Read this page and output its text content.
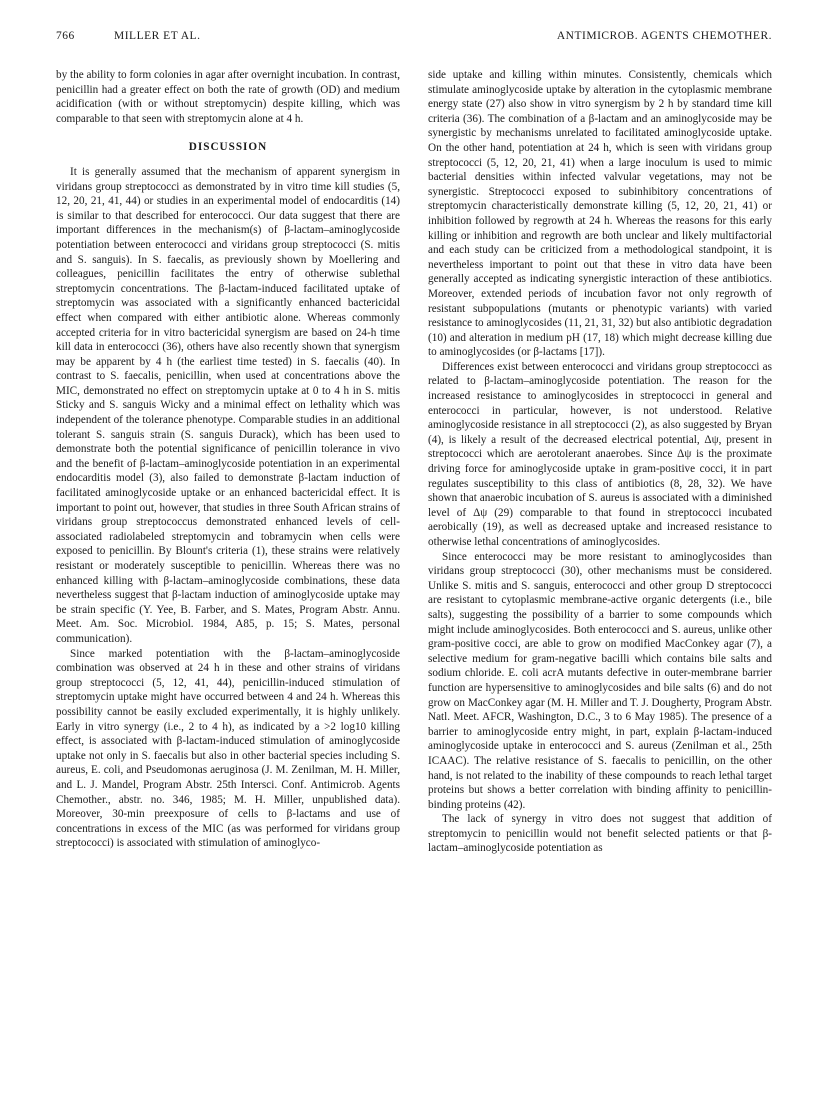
766	MILLER ET AL.	ANTIMICROB. AGENTS CHEMOTHER.

by the ability to form colonies in agar after overnight incubation. In contrast, penicillin had a greater effect on both the rate of growth (OD) and medium acidification (with or without streptomycin) despite killing, which was comparable to that seen with streptomycin alone at 4 h.

DISCUSSION

It is generally assumed that the mechanism of apparent synergism in viridans group streptococci as demonstrated by in vitro time kill studies (5, 12, 20, 21, 41, 44) or studies in an experimental model of endocarditis (14) is similar to that described for enterococci. Our data suggest that there are important differences in the mechanism(s) of β-lactam–aminoglycoside potentiation between enterococci and viridans group streptococci (S. mitis and S. sanguis). In S. faecalis, as previously shown by Moellering and colleagues, penicillin facilitates the entry of otherwise sublethal streptomycin concentrations. The β-lactam-induced facilitated uptake of streptomycin was associated with a significantly enhanced bactericidal effect when compared with either antibiotic alone. Whereas commonly accepted criteria for in vitro bactericidal synergism are based on 24-h time kill data in enterococci (36), others have also recently shown that synergism may be apparent by 4 h (the earliest time tested) in S. faecalis (40). In contrast to S. faecalis, penicillin, when used at concentrations above the MIC, demonstrated no effect on streptomycin uptake at 0 to 4 h in S. mitis Sticky and S. sanguis Wicky and a minimal effect on lethality which was independent of the tolerance phenotype. Comparable studies in an additional tolerant S. sanguis strain (S. sanguis Durack), which has been used to demonstrate both the potential significance of penicillin tolerance in vivo and the benefit of β-lactam–aminoglycoside potentiation in an experimental endocarditis model (3), also failed to demonstrate β-lactam induction of facilitated aminoglycoside uptake or an enhanced bactericidal effect. It is important to point out, however, that studies in three South African strains of viridans group streptococcus demonstrated enhanced levels of cell-associated radiolabeled streptomycin and tobramycin when cells were exposed to penicillin. By Blount's criteria (1), these strains were relatively resistant or moderately susceptible to penicillin. Whereas there was no enhanced killing with β-lactam–aminoglycoside combinations, these data nevertheless suggest that β-lactam induction of aminoglycoside uptake may be strain specific (Y. Yee, B. Farber, and S. Mates, Program Abstr. Annu. Meet. Am. Soc. Microbiol. 1984, A85, p. 15; S. Mates, personal communication).

Since marked potentiation with the β-lactam–aminoglycoside combination was observed at 24 h in these and other strains of viridans group streptococci (5, 12, 41, 44), penicillin-induced stimulation of streptomycin uptake might have occurred between 4 and 24 h. Whereas this possibility cannot be easily excluded experimentally, it is highly unlikely. Early in vitro synergy (i.e., 2 to 4 h), as indicated by a >2 log10 killing effect, is associated with β-lactam-induced stimulation of aminoglycoside uptake not only in S. faecalis but also in other bacterial species including S. aureus, E. coli, and Pseudomonas aeruginosa (J. M. Zenilman, M. H. Miller, and L. J. Mandel, Program Abstr. 25th Intersci. Conf. Antimicrob. Agents Chemother., abstr. no. 346, 1985; M. H. Miller, unpublished data). Moreover, 30-min preexposure of cells to β-lactams and use of concentrations in excess of the MIC (as was performed for viridans group streptococci) is associated with stimulation of aminoglyco-

side uptake and killing within minutes. Consistently, chemicals which stimulate aminoglycoside uptake by alteration in the cytoplasmic membrane energy state (27) also show in vitro synergism by 2 h by standard time kill criteria (36). The combination of a β-lactam and an aminoglycoside may be synergistic by mechanisms unrelated to facilitated aminoglycoside uptake. On the other hand, potentiation at 24 h, which is seen with viridans group streptococci (5, 12, 20, 21, 41) when a large inoculum is used to mimic bacterial densities within infected valvular vegetations, may not be synergistic. Streptococci exposed to subinhibitory concentrations of streptomycin characteristically demonstrate killing (5, 12, 20, 21, 41) or inhibition followed by regrowth at 24 h. Whereas the reasons for this early killing or inhibition and regrowth are both unclear and likely multifactorial and each study can be criticized from a methodological standpoint, it is nevertheless important to point out that these in vitro data have been generally accepted as indicating synergistic interaction of these antibiotics. Moreover, extended periods of incubation favor not only regrowth of resistant subpopulations (mutants or phenotypic variants) with varied resistance to aminoglycosides (11, 21, 31, 32) but also antibiotic degradation (10) and alteration in medium pH (17, 18) which might decrease killing due to aminoglycosides (or β-lactams [17]).

Differences exist between enterococci and viridans group streptococci as related to β-lactam–aminoglycoside potentiation. The reason for the increased resistance to aminoglycosides in streptococci in general and enterococci in particular, however, is not understood. Relative aminoglycoside resistance in all streptococci (2), as also suggested by Bryan (4), is likely a result of the decreased electrical potential, Δψ, present in streptococci which are aerotolerant anaerobes. Since Δψ is the proximate driving force for aminoglycoside uptake in gram-positive cocci, it in part regulates susceptibility to this class of antibiotics (8, 28, 32). We have shown that anaerobic incubation of S. aureus is associated with a diminished level of Δψ (29) comparable to that found in streptococci incubated aerobically (19), as well as decreased uptake and increased resistance to otherwise lethal concentrations of aminoglycosides.

Since enterococci may be more resistant to aminoglycosides than viridans group streptococci (30), other mechanisms must be considered. Unlike S. mitis and S. sanguis, enterococci and other group D streptococci are resistant to cytoplasmic membrane-active organic detergents (i.e., bile salts), suggesting the possibility of a barrier to some compounds which might include aminoglycosides. Both enterococci and S. aureus, unlike other gram-positive cocci, are able to grow on modified MacConkey agar (7), a selective medium for gram-negative bacilli which contains bile salts and sodium chloride. E. coli acrA mutants defective in outer-membrane barrier function are hypersensitive to aminoglycosides and bile salts (6) and do not grow on MacConkey agar (M. H. Miller and T. J. Dougherty, Program Abstr. Natl. Meet. AFCR, Washington, D.C., 3 to 6 May 1985). The presence of a barrier to aminoglycoside entry might, in part, explain β-lactam-induced aminoglycoside uptake in enterococci and S. aureus (Zenilman et al., 25th ICAAC). The relative resistance of S. faecalis to penicillin, on the other hand, is not related to the inability of these compounds to reach lethal target proteins but shows a better correlation with binding affinity to penicillin-binding proteins (42).

The lack of synergy in vitro does not suggest that addition of streptomycin to penicillin would not benefit selected patients or that β-lactam–aminoglycoside potentiation as
